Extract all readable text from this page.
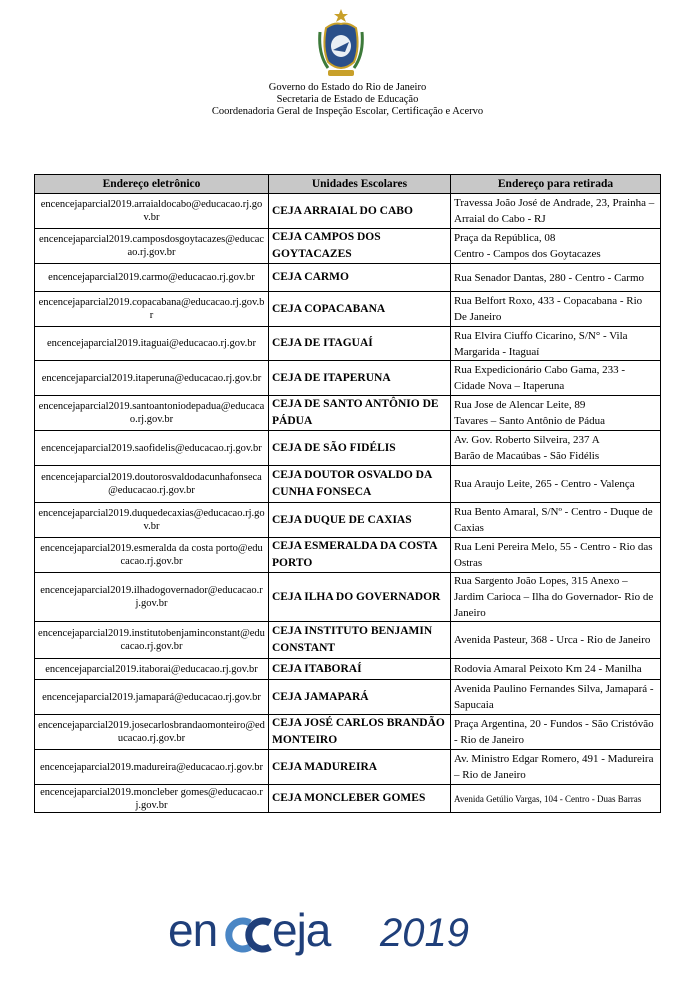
Governo do Estado do Rio de Janeiro
Secretaria de Estado de Educação
Coordenadoria Geral de Inspeção Escolar, Certificação e Acervo
Endereço eletrônico	Unidades Escolares	Endereço para retirada
encencejaparcial2019.arraialdocabo@educacao.rj.gov.br	CEJA ARRAIAL DO CABO	Travessa João José de Andrade, 23, Prainha – Arraial do Cabo - RJ
encencejaparcial2019.camposdosgoytacazes@educacao.rj.gov.br	CEJA CAMPOS DOS GOYTACAZES	Praça da República, 08
Centro - Campos dos Goytacazes
encencejaparcial2019.carmo@educacao.rj.gov.br	CEJA CARMO	Rua Senador Dantas, 280 - Centro - Carmo
encencejaparcial2019.copacabana@educacao.rj.gov.br	CEJA COPACABANA	Rua Belfort Roxo, 433 - Copacabana - Rio De Janeiro
encencejaparcial2019.itaguai@educacao.rj.gov.br	CEJA DE ITAGUAÍ	Rua Elvira Ciuffo Cicarino, S/N° - Vila Margarida - Itaguaí
encencejaparcial2019.itaperuna@educacao.rj.gov.br	CEJA DE ITAPERUNA	Rua Expedicionário Cabo Gama, 233 - Cidade Nova – Itaperuna
encencejaparcial2019.santoantoniodepadua@educacao.rj.gov.br	CEJA DE SANTO ANTÔNIO DE PÁDUA	Rua Jose de Alencar Leite, 89
Tavares – Santo Antônio de Pádua
encencejaparcial2019.saofidelis@educacao.rj.gov.br	CEJA DE SÃO FIDÉLIS	Av. Gov. Roberto Silveira, 237 A
Barão de Macaúbas - São Fidélis
encencejaparcial2019.doutorosvaldodacunhafonseca@educacao.rj.gov.br	CEJA DOUTOR OSVALDO DA CUNHA FONSECA	Rua Araujo Leite, 265 - Centro - Valença
encencejaparcial2019.duquedecaxias@educacao.rj.gov.br	CEJA DUQUE DE CAXIAS	Rua Bento Amaral, S/Nº - Centro - Duque de Caxias
encencejaparcial2019.esmeralda da costa porto@educacao.rj.gov.br	CEJA ESMERALDA DA COSTA PORTO	Rua Leni Pereira Melo, 55 - Centro - Rio das Ostras
encencejaparcial2019.ilhadogovernador@educacao.rj.gov.br	CEJA ILHA DO GOVERNADOR	Rua Sargento João Lopes, 315 Anexo – Jardim Carioca – Ilha do Governador- Rio de Janeiro
encencejaparcial2019.institutobenjaminconstant@educacao.rj.gov.br	CEJA INSTITUTO BENJAMIN CONSTANT	Avenida Pasteur, 368 - Urca - Rio de Janeiro
encencejaparcial2019.itaborai@educacao.rj.gov.br	CEJA ITABORAÍ	Rodovia Amaral Peixoto Km 24 - Manilha
encencejaparcial2019.jamapará@educacao.rj.gov.br	CEJA JAMAPARÁ	Avenida Paulino Fernandes Silva, Jamapará - Sapucaia
encencejaparcial2019.josecarlosbrandaomonteiro@educacao.rj.gov.br	CEJA JOSÉ CARLOS BRANDÃO MONTEIRO	Praça Argentina, 20 - Fundos - São Cristóvão - Rio de Janeiro
encencejaparcial2019.madureira@educacao.rj.gov.br	CEJA MADUREIRA	Av. Ministro Edgar Romero, 491 - Madureira – Rio de Janeiro
encencejaparcial2019.moncleber gomes@educacao.rj.gov.br	CEJA MONCLEBER GOMES	Avenida Getúlio Vargas, 104 - Centro - Duas Barras
en eja 2019
